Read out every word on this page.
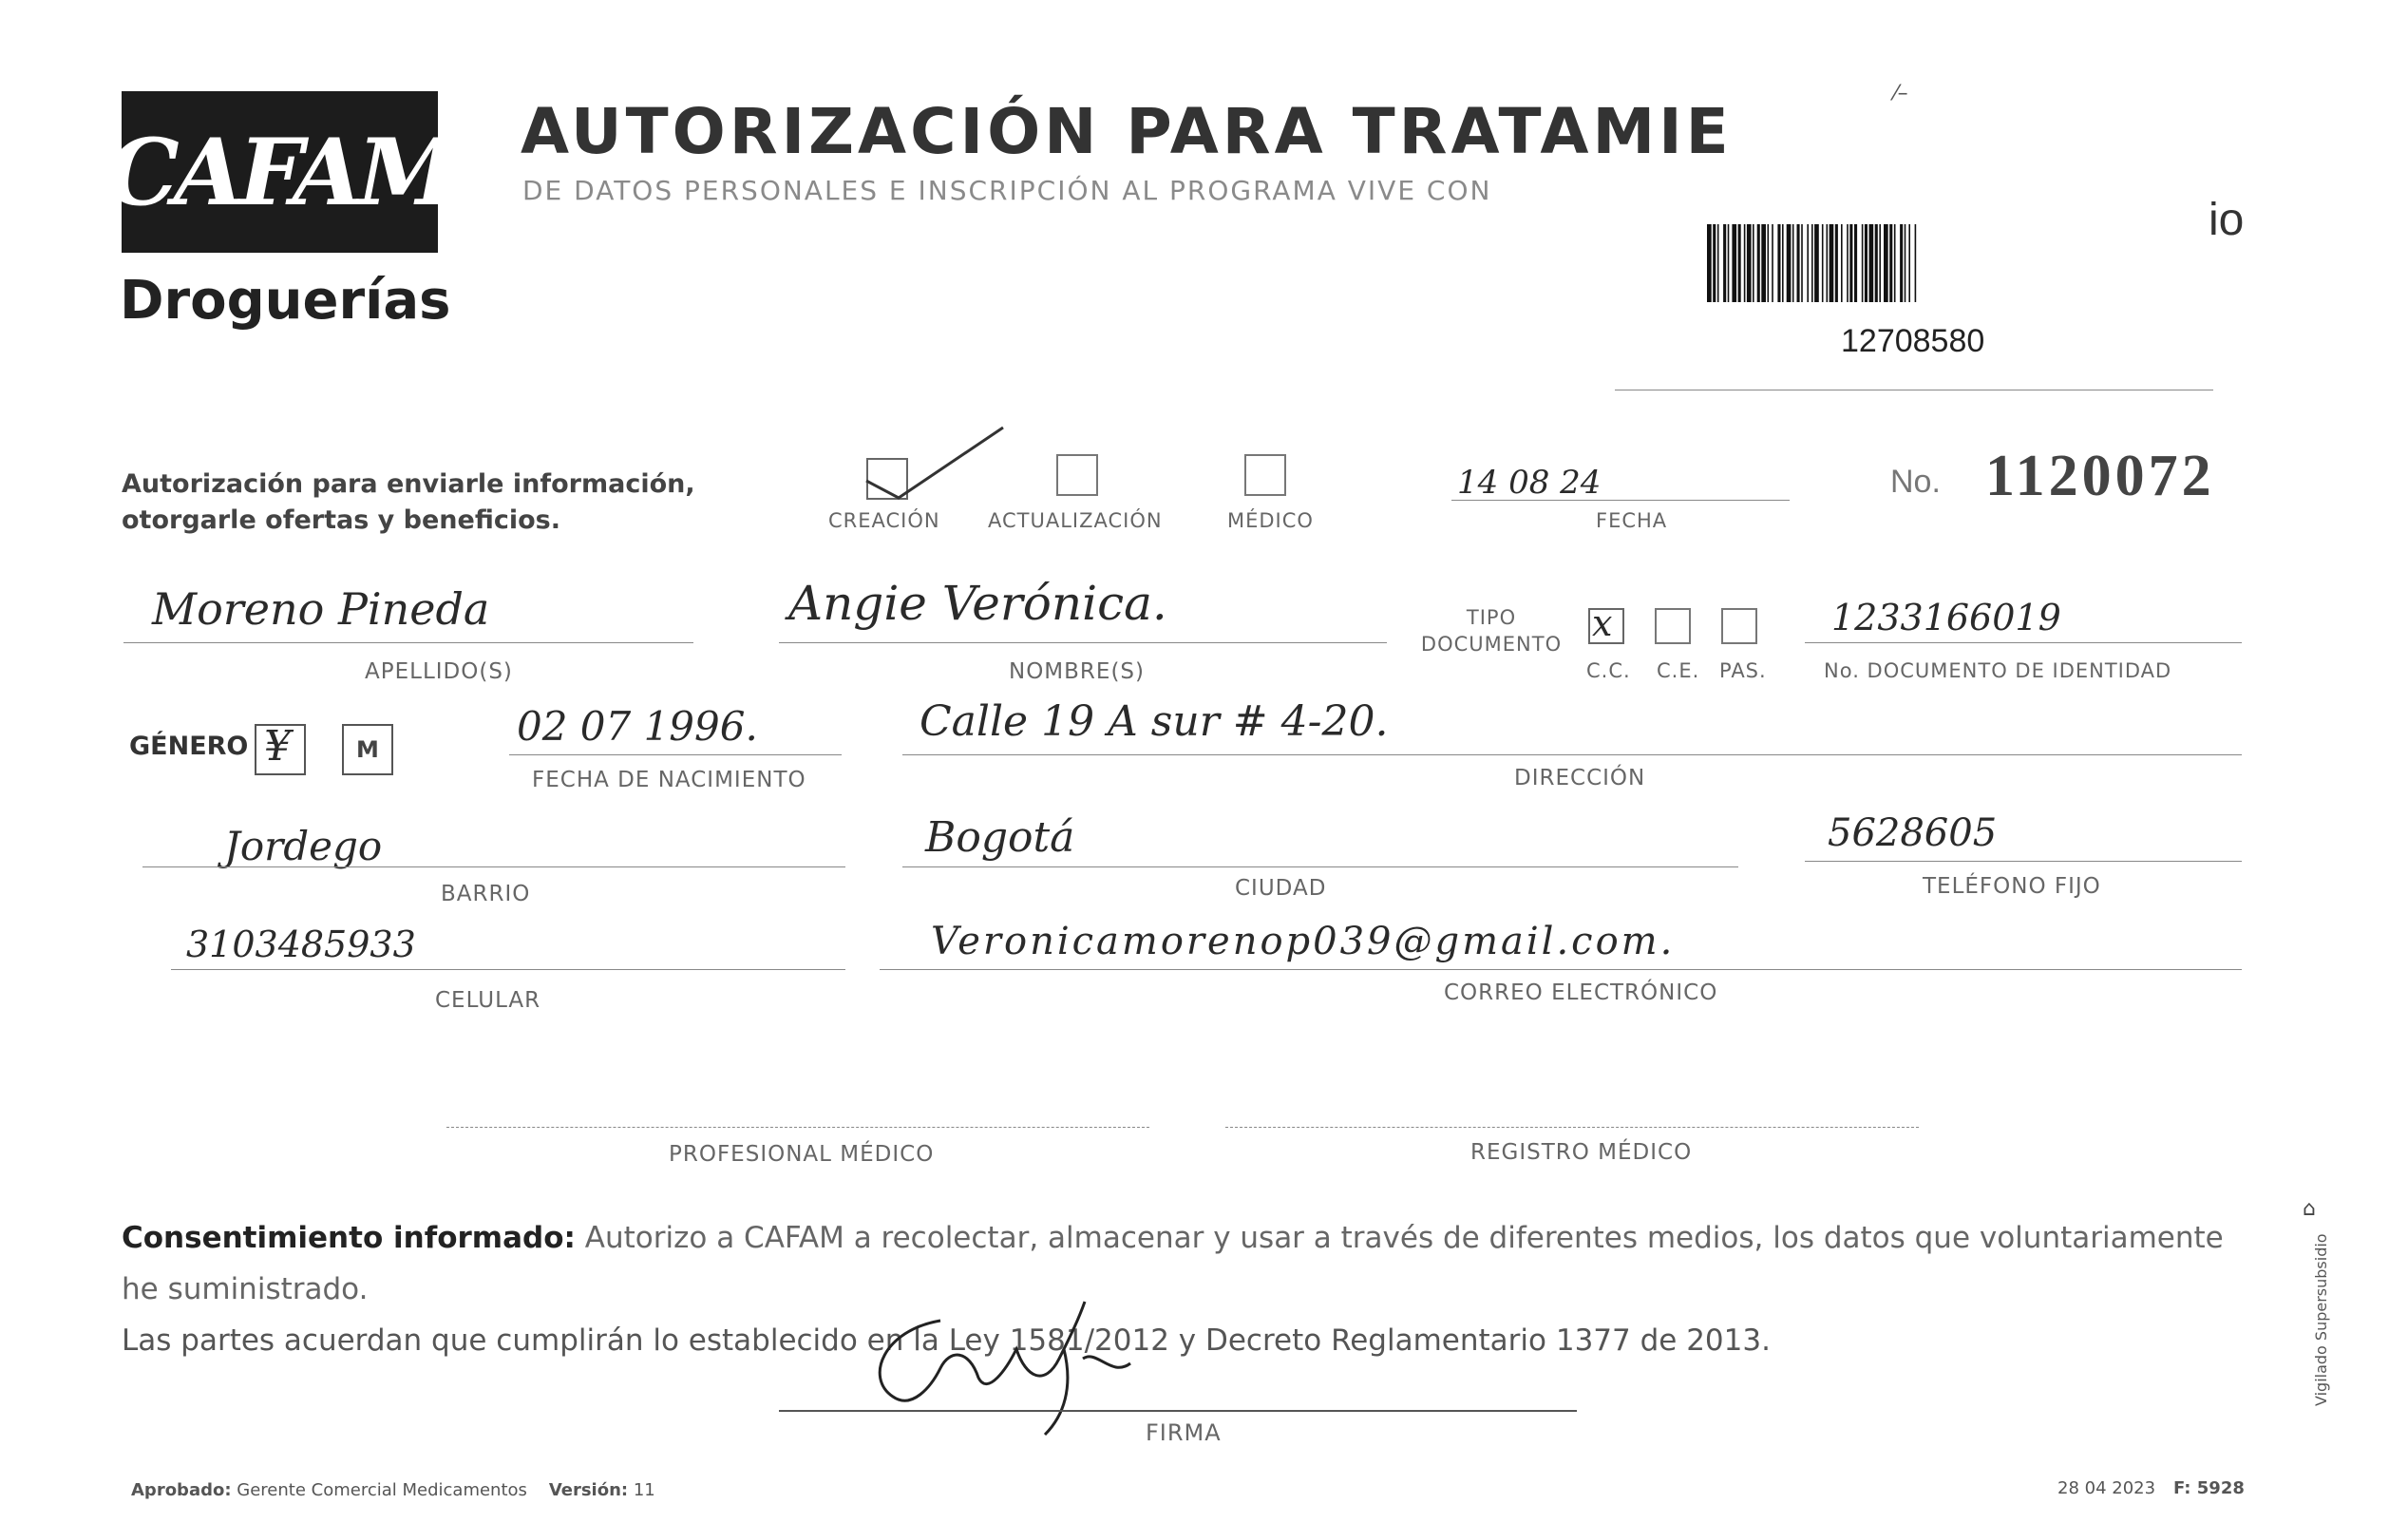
CAFAM
Droguerías
AUTORIZACIÓN PARA TRATAMIE
DE DATOS PERSONALES E INSCRIPCIÓN AL PROGRAMA VIVE CON
⁄–
io
12708580
Autorización para enviarle información,
otorgarle ofertas y beneficios.	CREACIÓN ACTUALIZACIÓN	MÉDICO
14 08 24
FECHA
No. 1120072
Moreno Pineda
APELLIDO(S)
Angie Verónica.
NOMBRE(S)
TIPO DOCUMENTO x
C.C. C.E. PAS.
1233166019
No. DOCUMENTO DE IDENTIDAD
GÉNERO ¥	M	02 07 1996.
FECHA DE NACIMIENTO
Calle 19 A sur # 4-20.
DIRECCIÓN
Jordego
BARRIO
Bogotá
CIUDAD
5628605
TELÉFONO FIJO
3103485933
CELULAR
Veronicamorenop039@gmail.com.
CORREO ELECTRÓNICO
PROFESIONAL MÉDICO	REGISTRO MÉDICO
Consentimiento informado: Autorizo a CAFAM a recolectar, almacenar y usar a través de diferentes medios, los datos que voluntariamente he suministrado.
Las partes acuerdan que cumplirán lo establecido en la Ley 1581/2012 y Decreto Reglamentario 1377 de 2013.
FIRMA
Aprobado: Gerente Comercial Medicamentos Versión: 11	28 04 2023 F: 5928
⌂
Vigilado Supersubsidio
